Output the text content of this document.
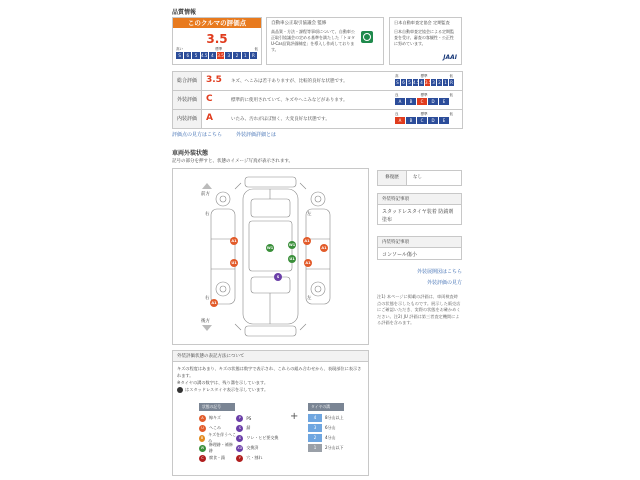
品質情報
このクルマの評価点
3.5
高い	標準	低
S	6	5 4.5 4 3.5 3	2	1	R
自動車公正取引協議会 監修
高品質・方法・課程等事項について、自動車公正取引協議会の定める基準を満たした「トヨタU-Car品質評価制度」を導入し作成しております。
日本自動車査定協会 定期監査
日本自動車査定協会による定期監査を受け、審査の客観性・公正性に努めています。
JAAI
総合評価	3.5 キズ、へこみは若干ありますが、比較的良好な状態です。
高	標準	低
S 6 5 4.5 4 3.5 3 2 1 R
外装評価	C	標準的に使用されていて、キズやへこみなどがあります。
良	標準	低
A	B	C	D	E
内装評価	A	いたみ、汚れがほぼ無く、大変良好な状態です。
良	標準	低
A	B	C	D	E
評価点の見方はこちら	外装評価詳細とは
車両外装状態
記号の部分を押すと、状態のイメージ写真が表示されます。
前方
後方
右	左
右	左
A1
U1
W1
A1
W1
U1
A1
S
A1
A1
修復歴	なし
外装特記事項
スタッドレスタイヤ装着 防錆剤塗布
内装特記事項
コンソール傷小
外装展開図はこちら
外装評価の見方
注1) 本ページに掲載の評価は、車両検査時点の状態を示したものです。展示した販売店にご確認いただき、実際の状態をお確かめください。注2) JU 評価は第三者査定機関による評価を含みます。
外装評価状態の表記方法について
キズの程度はあまり、キズの状態は数字で表示され、これらの組み合わせから、表現部位に表示されます。
※タイヤの溝の数字は、残り溝を示しています。
はスタッドレスタイヤ表示を示しています。
状態の記号
A	線キズ
U	へこみ
B
キズを伴うへこみ
W
修理跡・補修跡
C	腐食・錆
P	PS
S	錆
X	ワレ・ヒビ要交換
XX 交換済
Y	穴・割れ
+
タイヤの溝
4	8分山以上
3	6分山
2	4分山
1	2分山以下
